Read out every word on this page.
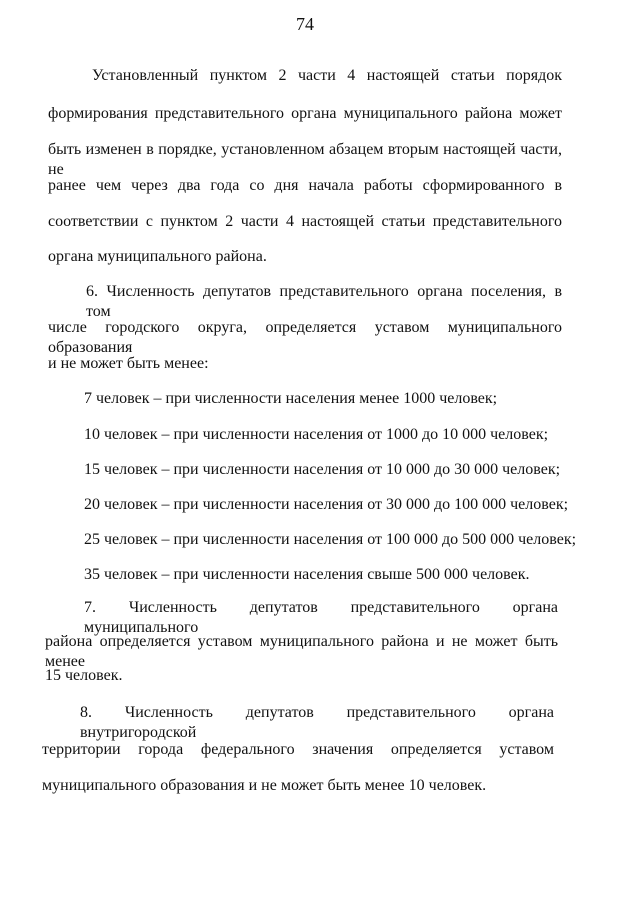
74
Установленный пунктом 2 части 4 настоящей статьи порядок
формирования представительного органа муниципального района может
быть изменен в порядке, установленном абзацем вторым настоящей части, не
ранее чем через два года со дня начала работы сформированного в
соответствии с пунктом 2 части 4 настоящей статьи представительного
органа муниципального района.
6. Численность депутатов представительного органа поселения, в том
числе городского округа, определяется уставом муниципального образования
и не может быть менее:
7 человек – при численности населения менее 1000 человек;
10 человек – при численности населения от 1000 до 10 000 человек;
15 человек – при численности населения от 10 000 до 30 000 человек;
20 человек – при численности населения от 30 000 до 100 000 человек;
25 человек – при численности населения от 100 000 до 500 000 человек;
35 человек – при численности населения свыше 500 000 человек.
7. Численность депутатов представительного органа муниципального
района определяется уставом муниципального района и не может быть менее
15 человек.
8. Численность депутатов представительного органа внутригородской
территории города федерального значения определяется уставом
муниципального образования и не может быть менее 10 человек.
